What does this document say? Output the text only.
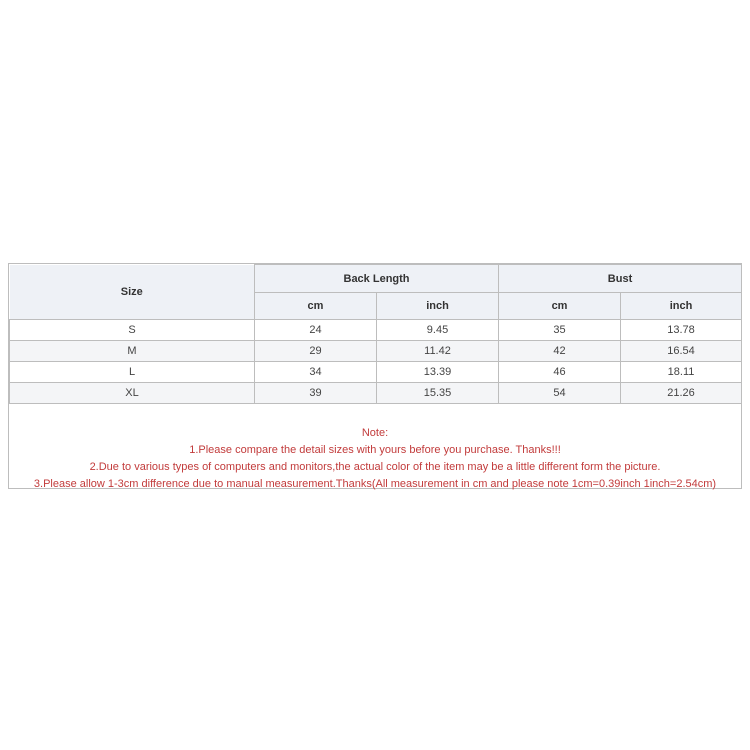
Size	Back Length		Bust	
	cm	inch	cm	inch
S	24	9.45	35	13.78
M	29	11.42	42	16.54
L	34	13.39	46	18.11
XL	39	15.35	54	21.26
Note:
1.Please compare the detail sizes with yours before you purchase. Thanks!!!
2.Due to various types of computers and monitors,the actual color of the item may be a little different form the picture.
3.Please allow 1-3cm difference due to manual measurement.Thanks(All measurement in cm and please note 1cm=0.39inch 1inch=2.54cm)
